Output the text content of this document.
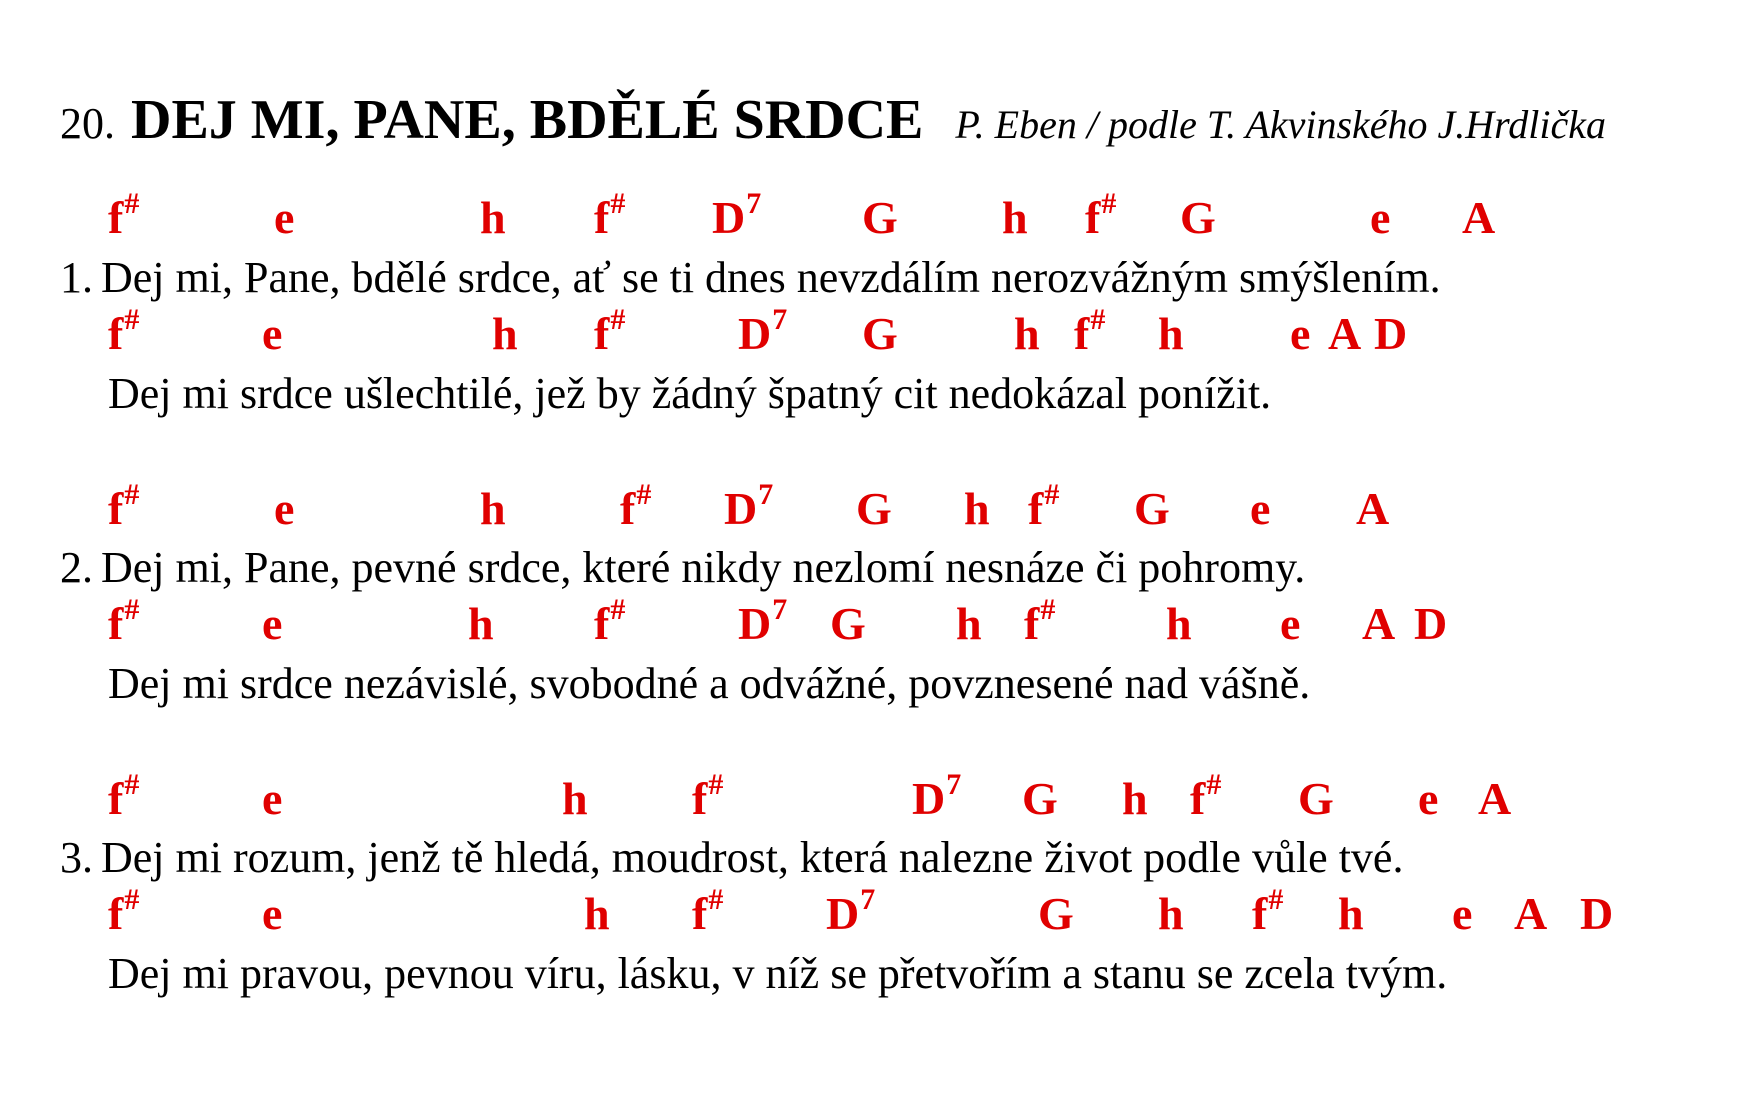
20. DEJ MI, PANE, BDĚLÉ SRDCE P. Eben / podle T. Akvinského J.Hrdlička
f#	e	h f# $D^7$ G h f# G	e A
1. Dej mi, Pane, bdělé srdce, ať se ti dnes nevzdálím nerozvážným smýšlením.
f#	e	h f# $D^7$ G	h f# h e A D
Dej mi srdce ušlechtilé, jež by žádný špatný cit nedokázal ponížit.
f#	e	h f# $D^7$ G h f# G e A
2. Dej mi, Pane, pevné srdce, které nikdy nezlomí nesnáze či pohromy.
f#	e	h f# $D^7$ G h f# h e A D
Dej mi srdce nezávislé, svobodné a odvážné, povznesené nad vášně.
f#	e	h f#	$D^7$ G h f# G e A
3. Dej mi rozum, jenž tě hledá, moudrost, která nalezne život podle vůle tvé.
f#	e	h f# $D^7$	G h f# h e A D
Dej mi pravou, pevnou víru, lásku, v níž se přetvořím a stanu se zcela tvým.
